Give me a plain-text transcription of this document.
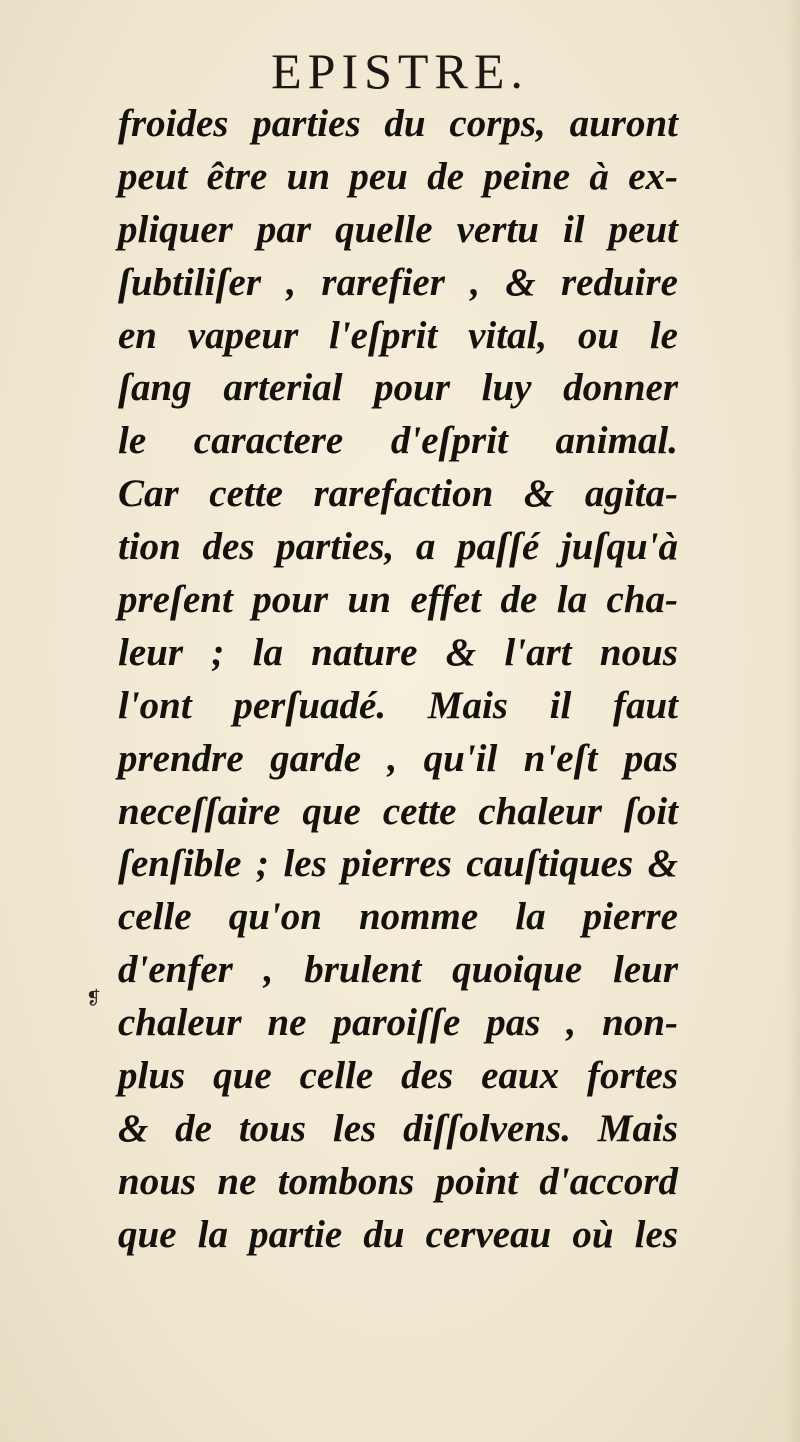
EPISTRE.
froides parties du corps, auront
peut être un peu de peine à ex-
pliquer par quelle vertu il peut
ſubtiliſer , rarefier , & reduire
en vapeur l'eſprit vital, ou le
ſang arterial pour luy donner
le caractere d'eſprit animal.
Car cette rarefaction & agita-
tion des parties, a paſſé juſqu'à
preſent pour un effet de la cha-
leur ; la nature & l'art nous
l'ont perſuadé. Mais il faut
prendre garde , qu'il n'eſt pas
neceſſaire que cette chaleur ſoit
ſenſible ; les pierres cauſtiques &
celle qu'on nomme la pierre
d'enfer , brulent quoique leur
chaleur ne paroiſſe pas , non-
plus que celle des eaux fortes
& de tous les diſſolvens. Mais
nous ne tombons point d'accord
que la partie du cerveau où les
❡
